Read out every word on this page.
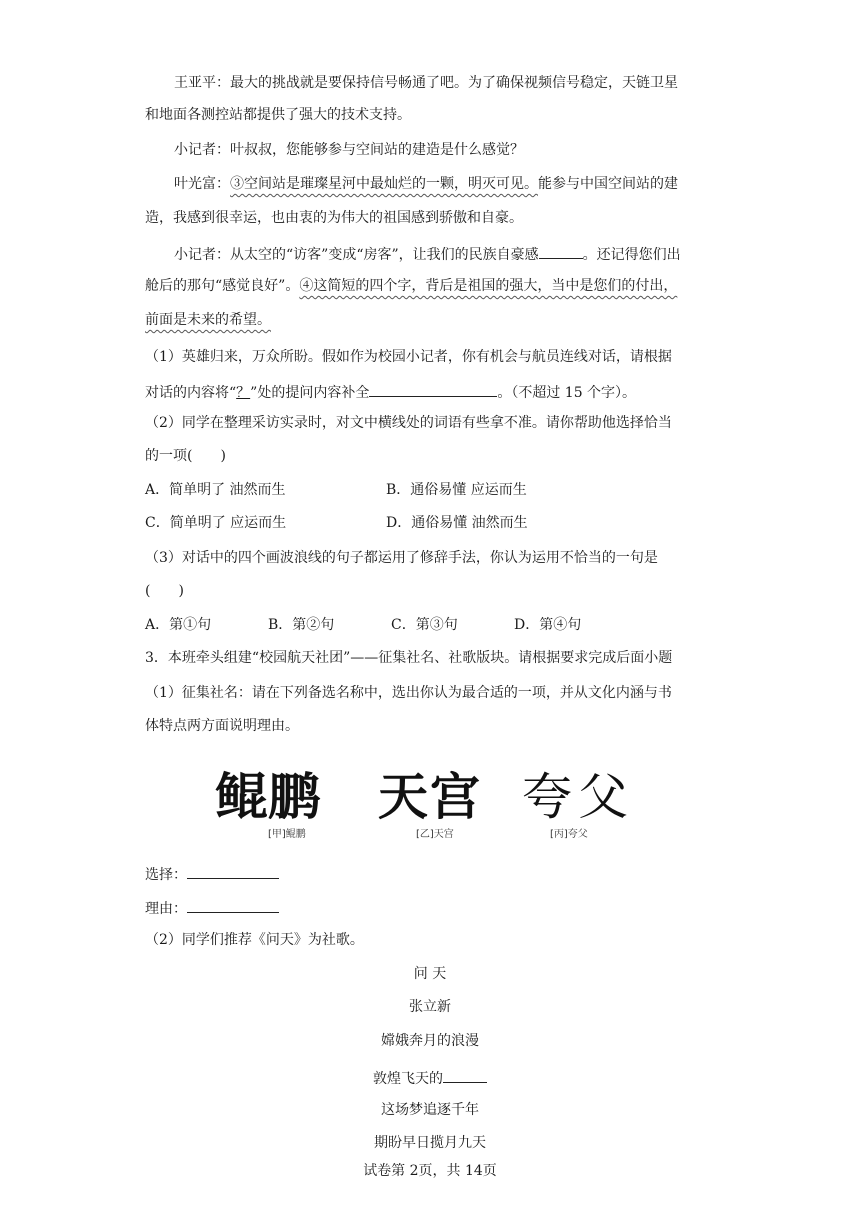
王亚平：最大的挑战就是要保持信号畅通了吧。为了确保视频信号稳定，天链卫星
和地面各测控站都提供了强大的技术支持。
小记者：叶叔叔，您能够参与空间站的建造是什么感觉？
叶光富：③空间站是璀璨星河中最灿烂的一颗，明灭可见。能参与中国空间站的建
造，我感到很幸运，也由衷的为伟大的祖国感到骄傲和自豪。
小记者：从太空的“访客”变成“房客”，让我们的民族自豪感	。还记得您们出
舱后的那句“感觉良好”。④这简短的四个字，背后是祖国的强大，当中是您们的付出，
前面是未来的希望。
（1）英雄归来，万众所盼。假如作为校园小记者，你有机会与航员连线对话，请根据
对话的内容将“？”处的提问内容补全	。（不超过 15 个字）。
（2）同学在整理采访实录时，对文中横线处的词语有些拿不准。请你帮助他选择恰当
的一项(　　)
A．简单明了 油然而生	B．通俗易懂 应运而生
C．简单明了 应运而生	D．通俗易懂 油然而生
（3）对话中的四个画波浪线的句子都运用了修辞手法，你认为运用不恰当的一句是
(　　)
A．第①句	B．第②句	C．第③句	D．第④句
3．本班牵头组建“校园航天社团”——征集社名、社歌版块。请根据要求完成后面小题
（1）征集社名：请在下列备选名称中，选出你认为最合适的一项，并从文化内涵与书
体特点两方面说明理由。
鲲鹏 天宫 夸父
[甲]鲲鹏	[乙]天宫	[丙]夸父
选择：
理由：
（2）同学们推荐《问天》为社歌。
问 天
张立新
嫦娥奔月的浪漫
敦煌飞天的
这场梦追逐千年
期盼早日揽月九天
试卷第 2页，共 14页
